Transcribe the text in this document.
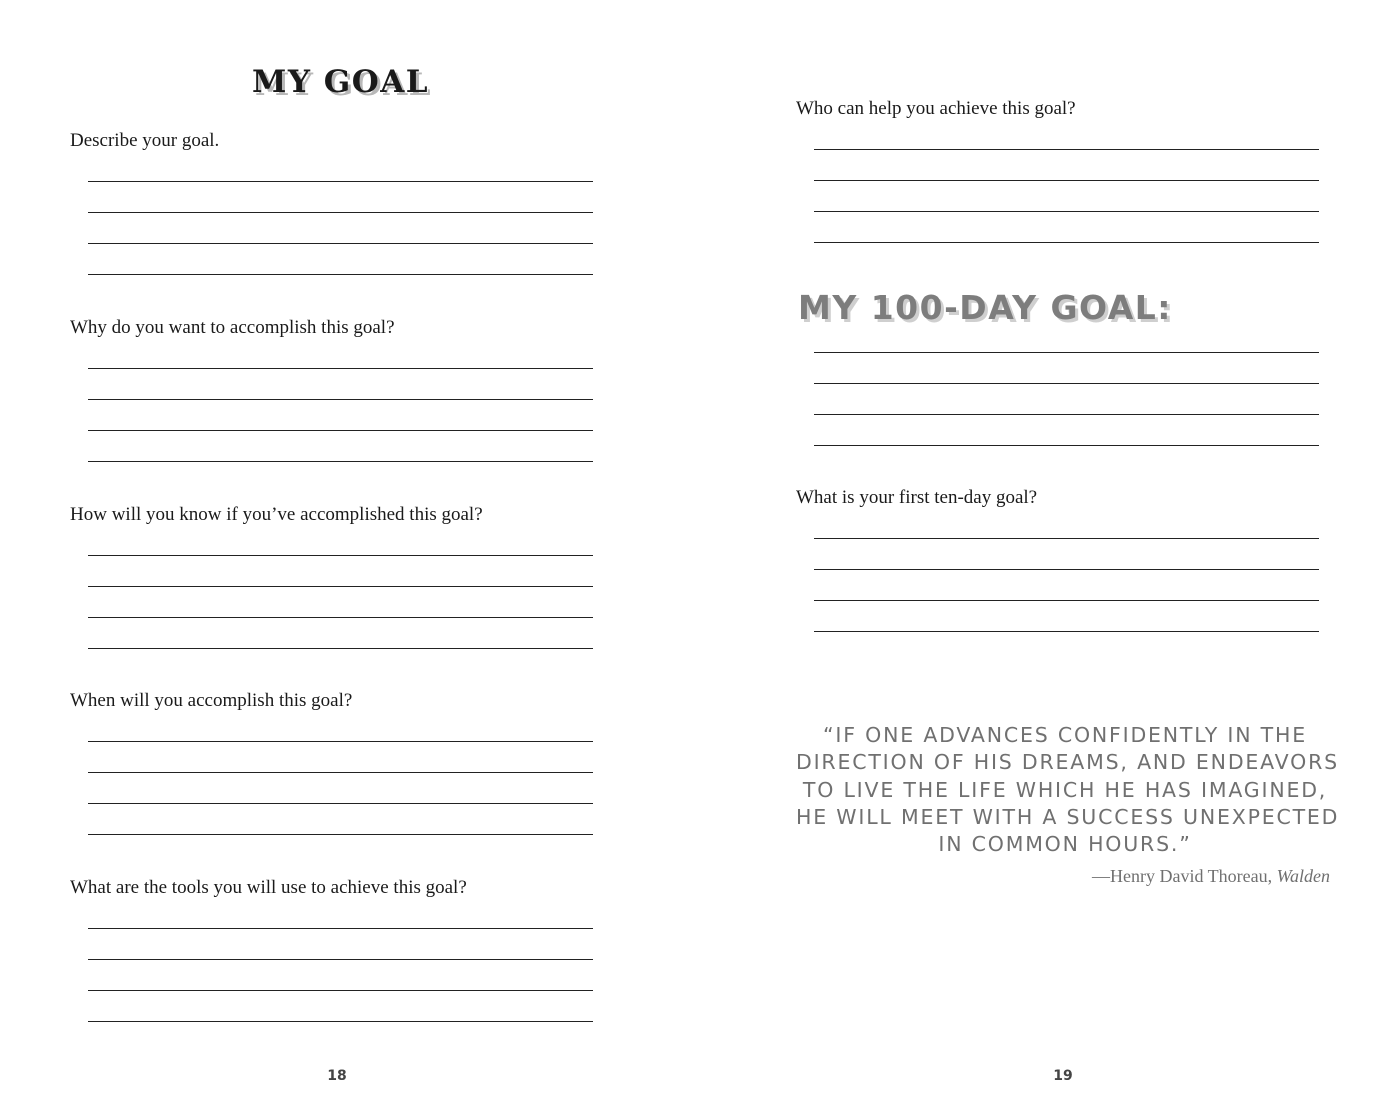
MY GOAL
Describe your goal.
Why do you want to accomplish this goal?
How will you know if you’ve accomplished this goal?
When will you accomplish this goal?
What are the tools you will use to achieve this goal?
18
Who can help you achieve this goal?
MY 100-DAY GOAL:
What is your first ten-day goal?
“IF ONE ADVANCES CONFIDENTLY IN THE
DIRECTION OF HIS DREAMS, AND ENDEAVORS
TO LIVE THE LIFE WHICH HE HAS IMAGINED,
HE WILL MEET WITH A SUCCESS UNEXPECTED
IN COMMON HOURS.”
—Henry David Thoreau, Walden
19
